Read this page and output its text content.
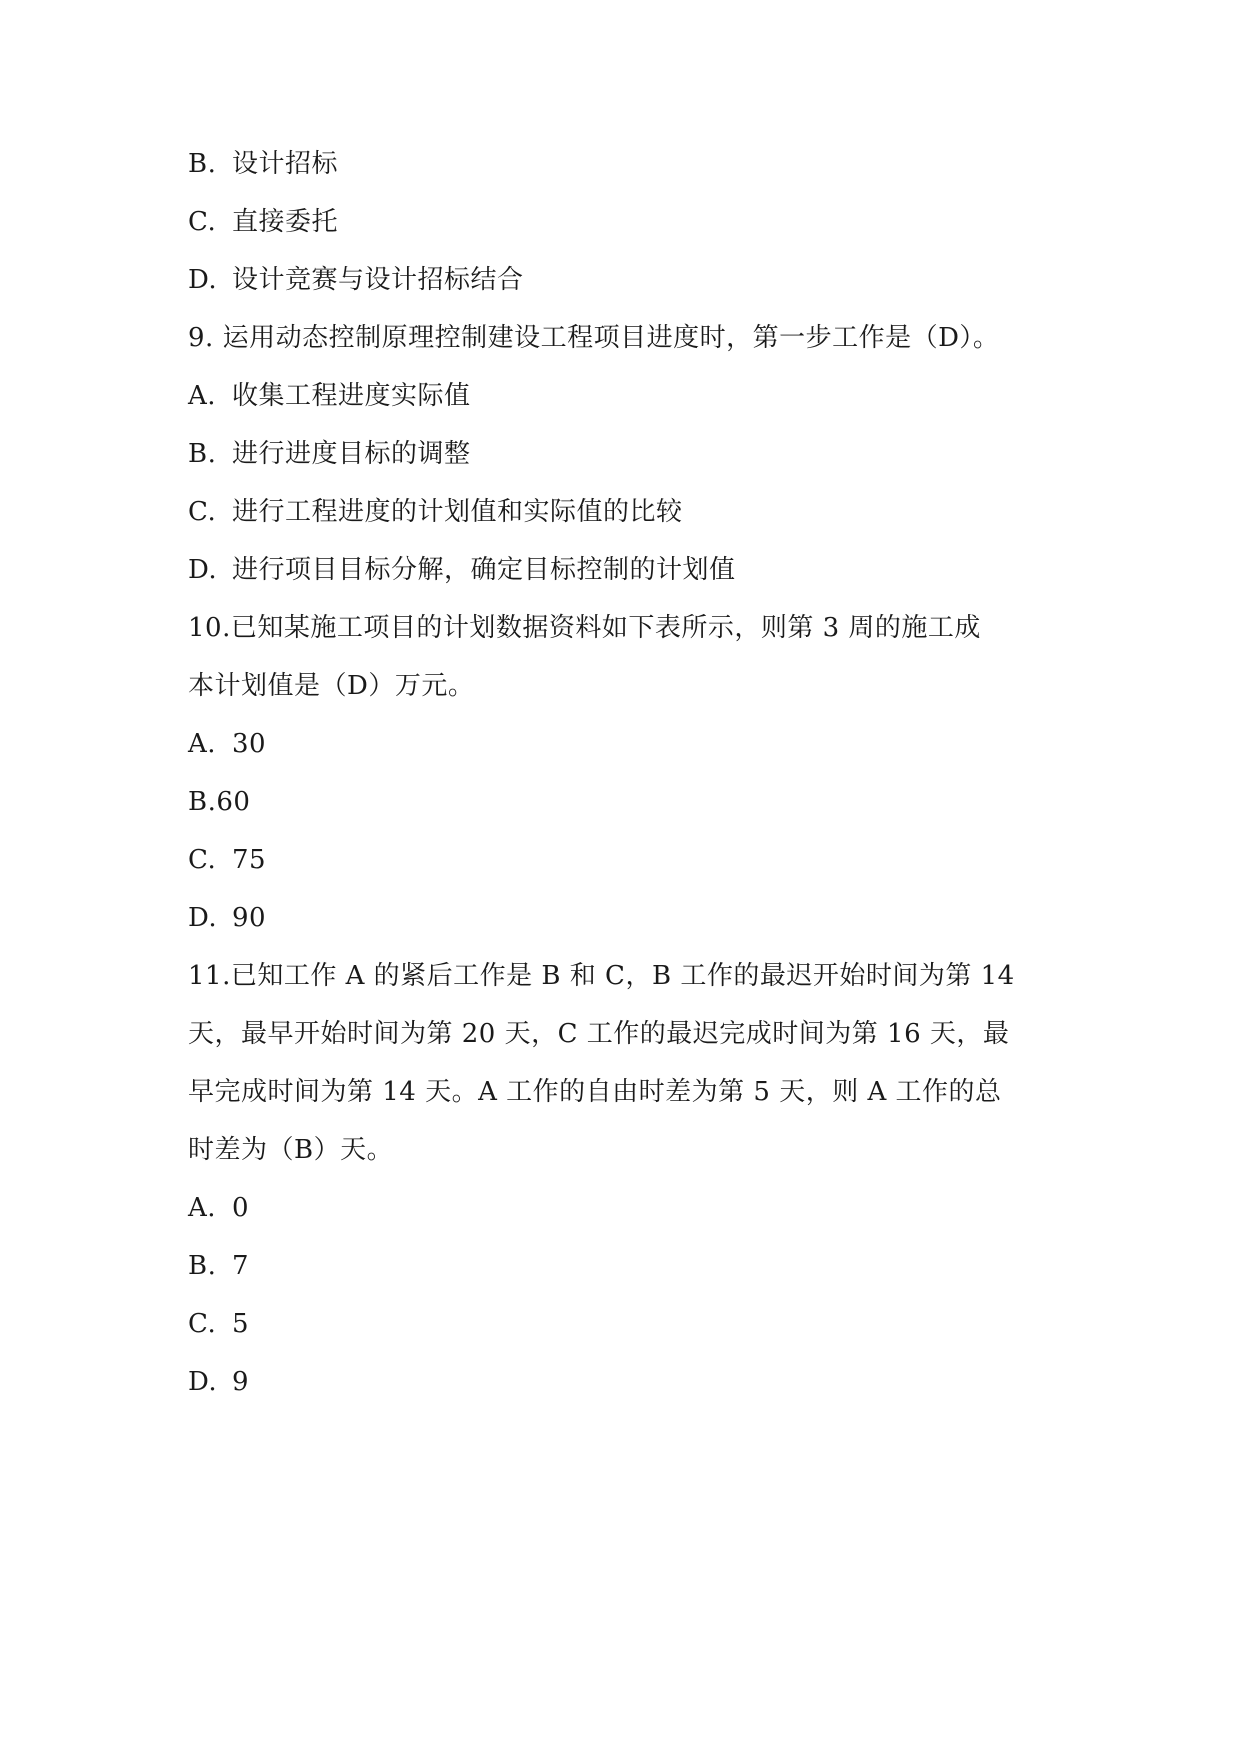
B. 设计招标
C. 直接委托
D. 设计竞赛与设计招标结合
9. 运用动态控制原理控制建设工程项目进度时，第一步工作是（D）。
A. 收集工程进度实际值
B. 进行进度目标的调整
C. 进行工程进度的计划值和实际值的比较
D. 进行项目目标分解，确定目标控制的计划值
10.已知某施工项目的计划数据资料如下表所示，则第 3 周的施工成
本计划值是（D）万元。
A. 30
B.60
C. 75
D. 90
11.已知工作 A 的紧后工作是 B 和 C，B 工作的最迟开始时间为第 14
天，最早开始时间为第 20 天，C 工作的最迟完成时间为第 16 天，最
早完成时间为第 14 天。A 工作的自由时差为第 5 天，则 A 工作的总
时差为（B）天。
A. 0
B. 7
C. 5
D. 9
